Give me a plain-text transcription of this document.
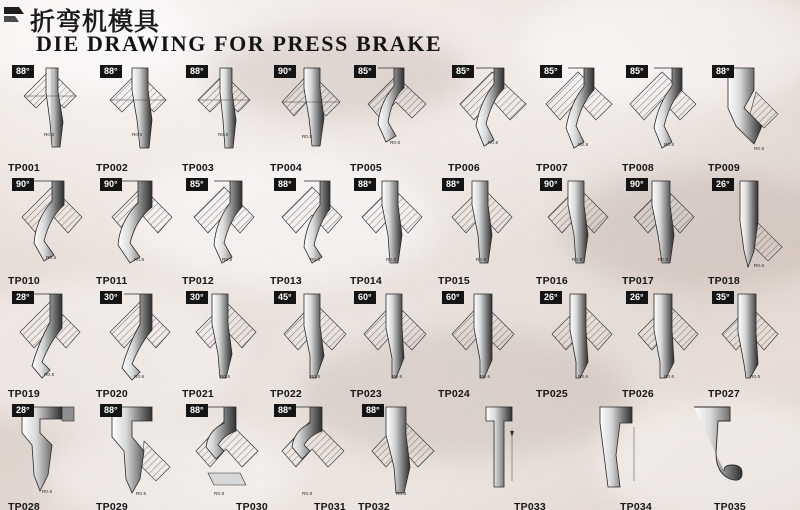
折弯机模具
DIE DRAWING FOR PRESS BRAKE
88°
R0.6
TP001
88°
R0.6
TP002
88°
R0.6
TP003
90°
R0.8
TP004
85°
R0.8
TP005
85°
R0.8
TP006
85°
R0.8
TP007
85°
R0.8
TP008
88°
R0.6
TP009
90°
R0.8
TP010
90°
R0.8
TP011
85°
R0.8
TP012
88°
R0.6
TP013
88°
R0.6
TP014
88°
R0.6
TP015
90°
R0.8
TP016
90°
R0.8
TP017
26°
R0.6
TP018
28°
R0.6
TP019
30°
R0.6
TP020
30°
R0.6
TP021
45°
R0.6
TP022
60°
R0.6
TP023
60°
R0.6
TP024
26°
R0.6
TP025
26°
R0.6
TP026
35°
R0.6
TP027
28°
R0.6
TP028
88°
R0.6
TP029
88°
R0.8
TP030
88°
R0.8
TP031
88°
R0.6
TP032	TP033	TP034	TP035
